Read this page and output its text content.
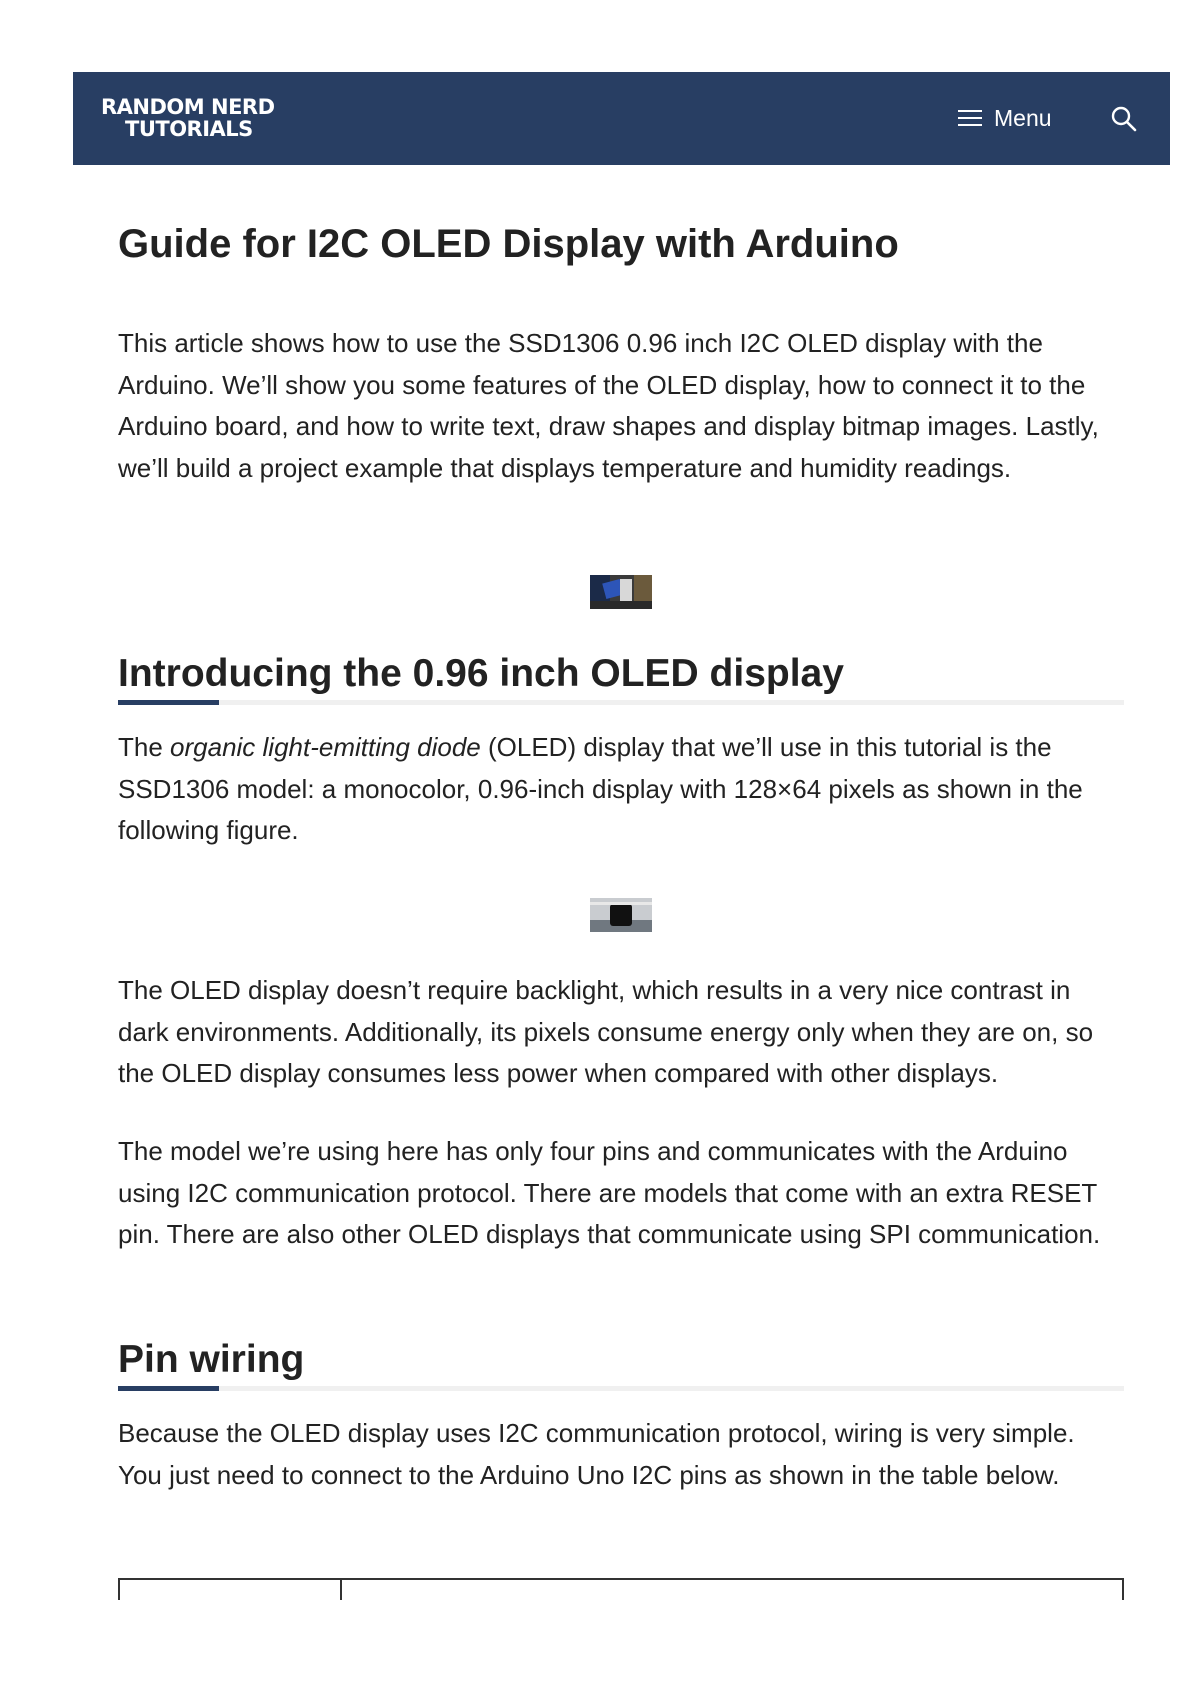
RANDOM NERD
TUTORIALS	Menu
Guide for I2C OLED Display with Arduino

This article shows how to use the SSD1306 0.96 inch I2C OLED display with the Arduino. We’ll show you some features of the OLED display, how to connect it to the Arduino board, and how to write text, draw shapes and display bitmap images. Lastly, we’ll build a project example that displays temperature and humidity readings.

Introducing the 0.96 inch OLED display

The organic light-emitting diode (OLED) display that we’ll use in this tutorial is the SSD1306 model: a monocolor, 0.96-inch display with 128×64 pixels as shown in the following figure.

The OLED display doesn’t require backlight, which results in a very nice contrast in dark environments. Additionally, its pixels consume energy only when they are on, so the OLED display consumes less power when compared with other displays.

The model we’re using here has only four pins and communicates with the Arduino using I2C communication protocol. There are models that come with an extra RESET pin. There are also other OLED displays that communicate using SPI communication.

Pin wiring

Because the OLED display uses I2C communication protocol, wiring is very simple. You just need to connect to the Arduino Uno I2C pins as shown in the table below.
